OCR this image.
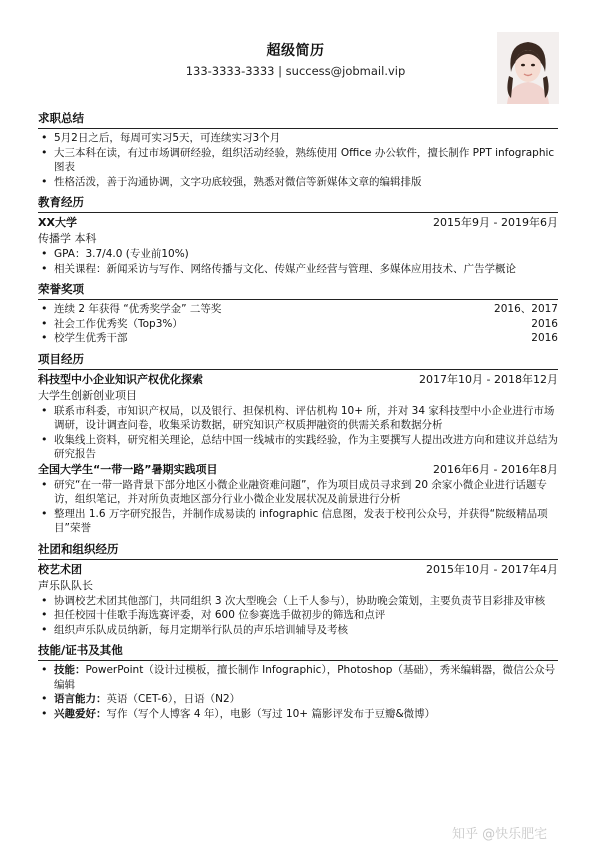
超级简历
133-3333-3333 | success@jobmail.vip
求职总结
• 5月2日之后，每周可实习5天，可连续实习3个月
• 大三本科在读，有过市场调研经验，组织活动经验，熟练使用 Office 办公软件，擅长制作 PPT infographic 图表
• 性格活泼，善于沟通协调，文字功底较强，熟悉对微信等新媒体文章的编辑排版
教育经历
XX大学	2015年9月 - 2019年6月
传播学 本科
• GPA：3.7/4.0 (专业前10%)
• 相关课程：新闻采访与写作、网络传播与文化、传媒产业经营与管理、多媒体应用技术、广告学概论
荣誉奖项
• 连续 2 年获得 “优秀奖学金” 二等奖	2016、2017
• 社会工作优秀奖（Top3%）	2016
• 校学生优秀干部	2016
项目经历
科技型中小企业知识产权优化探索	2017年10月 - 2018年12月
大学生创新创业项目
• 联系市科委，市知识产权局，以及银行、担保机构、评估机构 10+ 所，并对 34 家科技型中小企业进行市场调研，设计调查问卷，收集采访数据，研究知识产权质押融资的供需关系和数据分析
• 收集线上资料，研究相关理论，总结中国一线城市的实践经验，作为主要撰写人提出改进方向和建议并总结为研究报告
全国大学生“一带一路”暑期实践项目	2016年6月 - 2016年8月
• 研究“在一带一路背景下部分地区小微企业融资难问题”，作为项目成员寻求到 20 余家小微企业进行话题专访，组织笔记，并对所负责地区部分行业小微企业发展状况及前景进行分析
• 整理出 1.6 万字研究报告，并制作成易读的 infographic 信息图，发表于校刊公众号，并获得“院级精品项目”荣誉
社团和组织经历
校艺术团	2015年10月 - 2017年4月
声乐队队长
• 协调校艺术团其他部门，共同组织 3 次大型晚会（上千人参与），协助晚会策划，主要负责节目彩排及审核
• 担任校园十佳歌手海选赛评委，对 600 位参赛选手做初步的筛选和点评
• 组织声乐队成员纳新，每月定期举行队员的声乐培训辅导及考核
技能/证书及其他
• 技能：PowerPoint（设计过模板，擅长制作 Infographic），Photoshop（基础），秀米编辑器，微信公众号编辑
• 语言能力：英语（CET-6），日语（N2）
• 兴趣爱好：写作（写个人博客 4 年），电影（写过 10+ 篇影评发布于豆瓣&微博）
知乎 @快乐肥宅
